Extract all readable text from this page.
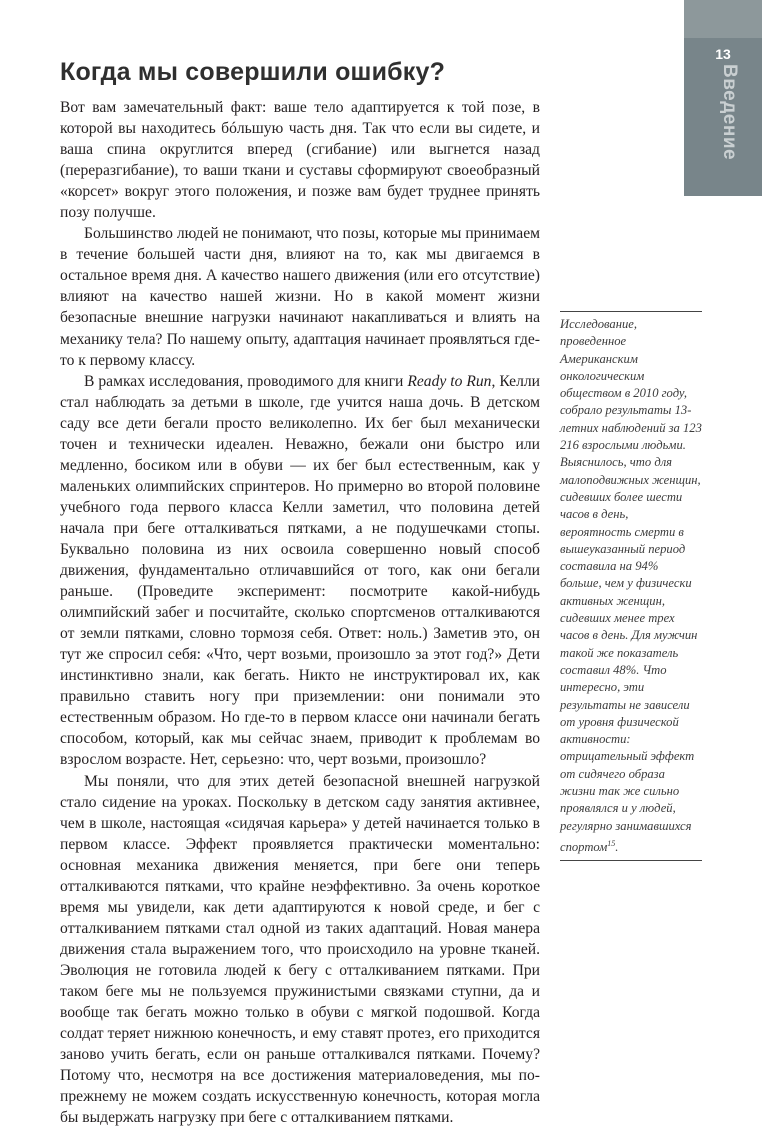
13
Введение
Когда мы совершили ошибку?

Вот вам замечательный факт: ваше тело адаптируется к той позе, в которой вы находитесь бóльшую часть дня. Так что если вы сидете, и ваша спина округлится вперед (сгибание) или выгнется назад (переразгибание), то ваши ткани и суставы сформируют своеобразный «корсет» вокруг этого положения, и позже вам будет труднее принять позу получше.

Большинство людей не понимают, что позы, которые мы принимаем в течение большей части дня, влияют на то, как мы двигаемся в остальное время дня. А качество нашего движения (или его отсутствие) влияют на качество нашей жизни. Но в какой момент жизни безопасные внешние нагрузки начинают накапливаться и влиять на механику тела? По нашему опыту, адаптация начинает проявляться где-то к первому классу.

В рамках исследования, проводимого для книги Ready to Run, Келли стал наблюдать за детьми в школе, где учится наша дочь. В детском саду все дети бегали просто великолепно. Их бег был механически точен и технически идеален. Неважно, бежали они быстро или медленно, босиком или в обуви — их бег был естественным, как у маленьких олимпийских спринтеров. Но примерно во второй половине учебного года первого класса Келли заметил, что половина детей начала при беге отталкиваться пятками, а не подушечками стопы. Буквально половина из них освоила совершенно новый способ движения, фундаментально отличавшийся от того, как они бегали раньше. (Проведите эксперимент: посмотрите какой-нибудь олимпийский забег и посчитайте, сколько спортсменов отталкиваются от земли пятками, словно тормозя себя. Ответ: ноль.) Заметив это, он тут же спросил себя: «Что, черт возьми, произошло за этот год?» Дети инстинктивно знали, как бегать. Никто не инструктировал их, как правильно ставить ногу при приземлении: они понимали это естественным образом. Но где-то в первом классе они начинали бегать способом, который, как мы сейчас знаем, приводит к проблемам во взрослом возрасте. Нет, серьезно: что, черт возьми, произошло?

Мы поняли, что для этих детей безопасной внешней нагрузкой стало сидение на уроках. Поскольку в детском саду занятия активнее, чем в школе, настоящая «сидячая карьера» у детей начинается только в первом классе. Эффект проявляется практически моментально: основная механика движения меняется, при беге они теперь отталкиваются пятками, что крайне неэффективно. За очень короткое время мы увидели, как дети адаптируются к новой среде, и бег с отталкиванием пятками стал одной из таких адаптаций. Новая манера движения стала выражением того, что происходило на уровне тканей. Эволюция не готовила людей к бегу с отталкиванием пятками. При таком беге мы не пользуемся пружинистыми связками ступни, да и вообще так бегать можно только в обуви с мягкой подошвой. Когда солдат теряет нижнюю конечность, и ему ставят протез, его приходится заново учить бегать, если он раньше отталкивался пятками. Почему? Потому что, несмотря на все достижения материаловедения, мы по-прежнему не можем создать искусственную конечность, которая могла бы выдержать нагрузку при беге с отталкиванием пятками.

Исследование, проведенное Американским онкологическим обществом в 2010 году, собрало результаты 13-летних наблюдений за 123 216 взрослыми людьми. Выяснилось, что для малоподвижных женщин, сидевших более шести часов в день, вероятность смерти в вышеуказанный период составила на 94% больше, чем у физически активных женщин, сидевших менее трех часов в день. Для мужчин такой же показатель составил 48%. Что интересно, эти результаты не зависели от уровня физической активности: отрицательный эффект от сидячего образа жизни так же сильно проявлялся и у людей, регулярно занимавшихся спортом$^{15}$.
